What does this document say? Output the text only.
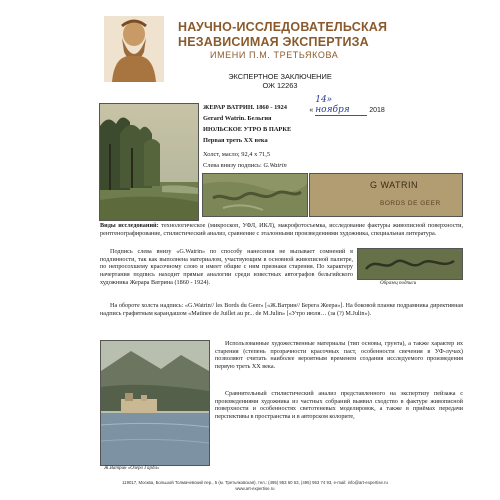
НАУЧНО-ИССЛЕДОВАТЕЛЬСКАЯ
НЕЗАВИСИМАЯ ЭКСПЕРТИЗА
ИМЕНИ П.М. ТРЕТЬЯКОВА
ЭКСПЕРТНОЕ ЗАКЛЮЧЕНИЕ
ОЖ 12263
« 14» ноября	2018
ЖЕРАР ВАТРИН. 1860 - 1924
Gerard Watrin. Бельгия
ИЮЛЬСКОЕ УТРО В ПАРКЕ
Первая треть XX века
Холст, масло; 92,4 x 71,5
Слева внизу подпись: G.Watrin
G WATRIN
BORDS DE GEER
Виды исследований: технологическое (микроскоп, УФЛ, ИКЛ), макрофотосъемка, исследование фактуры живописной поверхности, рентгенографирование, стилистический анализ, сравнение с эталонными произведениями художника, специальная литература.
Подпись слева внизу «G.Watrin» по способу нанесения не вызывает сомнений в подлинности, так как выполнена материалом, участвующим в основной живописной палитре, по непросохшему красочному слою и имеет общие с ним признаки старения. По характеру начертания подпись находит прямые аналогии среди известных автографов бельгийского художника Жерара Ватрина (1860 - 1924).	Образец подписи
На обороте холста надпись: «G.Watrin// les Bords du Geer» [«Ж.Ватрин// Берега Жеера»]. На боковой планке подрамника директивная надпись графитным карандашом «Matinee de Juillet au pr... de M.Julin» [«Утро июля… (за (?) M.Julin»).
Ж.Ватрин «Озеро Гарда»
Использованные художественные материалы (тип основы, грунта), а также характер их старения (степень прозрачности красочных паст, особенности свечения в УФ-лучах) позволяют считать наиболее вероятным временем создания исследуемого произведения первую треть XX века.
Сравнительный стилистический анализ представленного на экспертизу пейзажа с произведениями художника из частных собраний выявил сходство в фактуре живописной поверхности и особенностях светотеневых моделировок, а также в приёмах передачи перспективы в пространства и в авторском колорите,
119017, Москва, Большой Толмачевский пер., 5 (м. Третьяковская), тел.: (495) 953 60 53, (495) 953 74 93, e-mail: info@art-expertise.ru
www.art-expertise.ru
